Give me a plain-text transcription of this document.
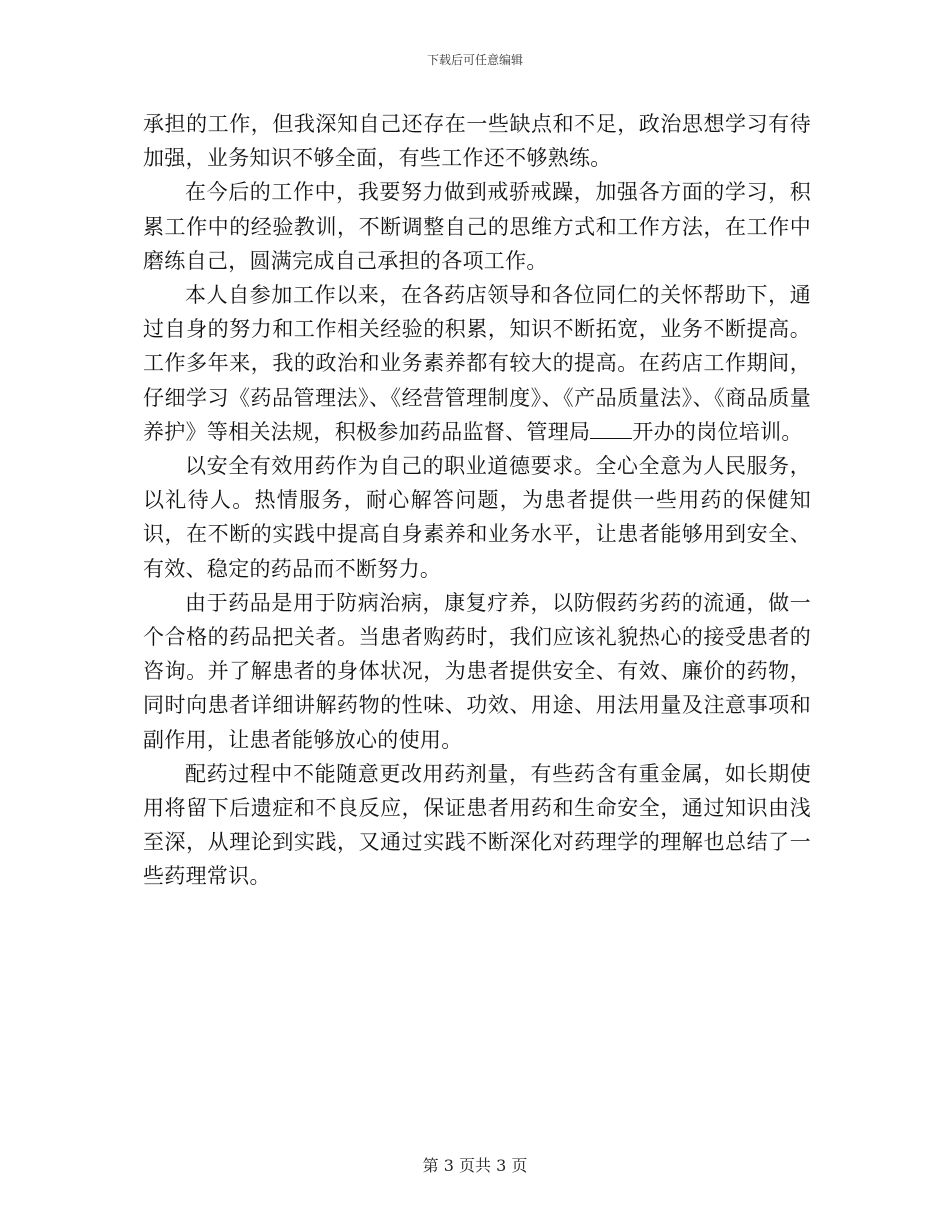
下载后可任意编辑

承担的工作，但我深知自己还存在一些缺点和不足，政治思想学习有待加强，业务知识不够全面，有些工作还不够熟练。

在今后的工作中，我要努力做到戒骄戒躁，加强各方面的学习，积累工作中的经验教训，不断调整自己的思维方式和工作方法，在工作中磨练自己，圆满完成自己承担的各项工作。

本人自参加工作以来，在各药店领导和各位同仁的关怀帮助下，通过自身的努力和工作相关经验的积累，知识不断拓宽，业务不断提高。工作多年来，我的政治和业务素养都有较大的提高。在药店工作期间，仔细学习《药品管理法》、《经营管理制度》、《产品质量法》、《商品质量养护》等相关法规，积极参加药品监督、管理局 开办的岗位培训。

以安全有效用药作为自己的职业道德要求。全心全意为人民服务，以礼待人。热情服务，耐心解答问题，为患者提供一些用药的保健知识，在不断的实践中提高自身素养和业务水平，让患者能够用到安全、有效、稳定的药品而不断努力。

由于药品是用于防病治病，康复疗养，以防假药劣药的流通，做一个合格的药品把关者。当患者购药时，我们应该礼貌热心的接受患者的咨询。并了解患者的身体状况，为患者提供安全、有效、廉价的药物，同时向患者详细讲解药物的性味、功效、用途、用法用量及注意事项和副作用，让患者能够放心的使用。

配药过程中不能随意更改用药剂量，有些药含有重金属，如长期使用将留下后遗症和不良反应，保证患者用药和生命安全，通过知识由浅至深，从理论到实践，又通过实践不断深化对药理学的理解也总结了一些药理常识。

第 3 页共 3 页
